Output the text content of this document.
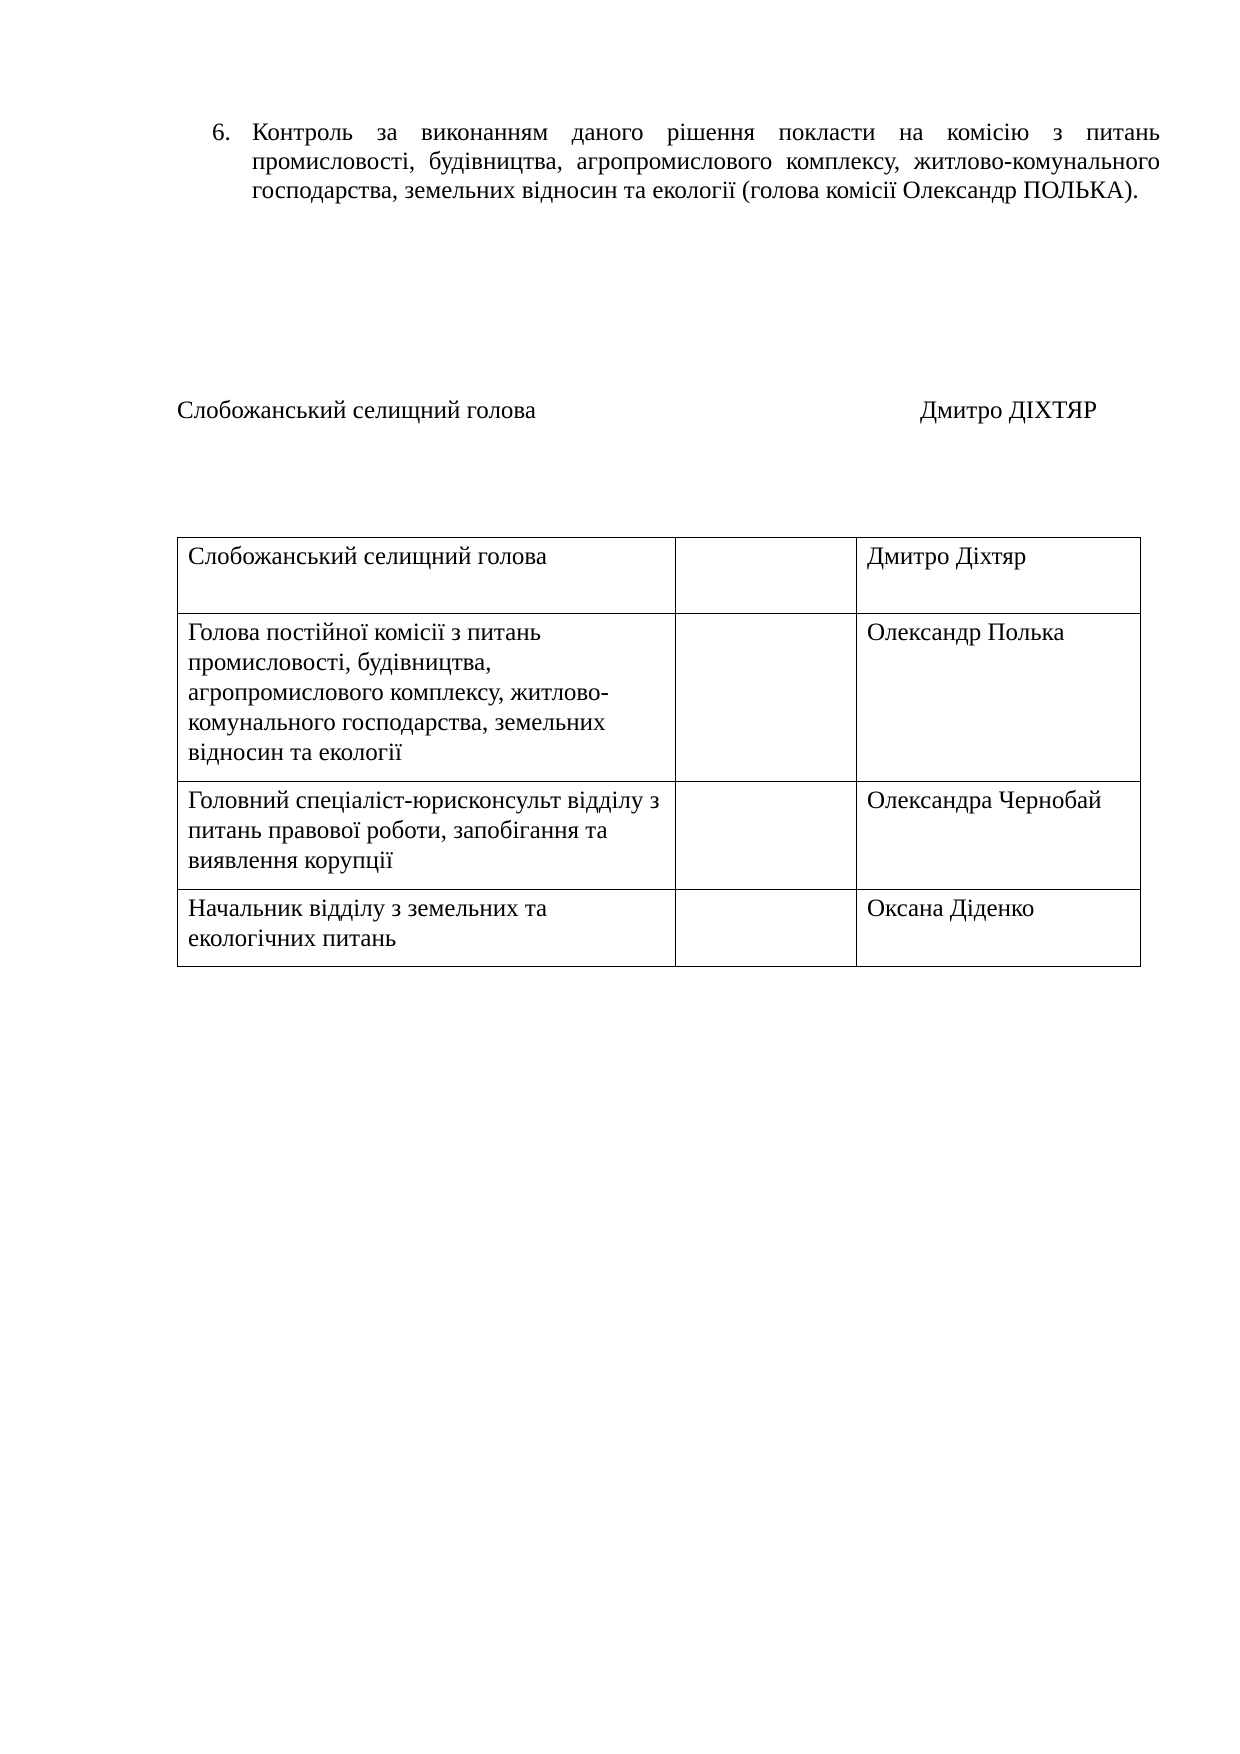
6. Контроль за виконанням даного рішення покласти на комісію з питань промисловості, будівництва, агропромислового комплексу, житлово-комунального господарства, земельних відносин та екології (голова комісії Олександр ПОЛЬКА).
Слобожанський селищний голова	Дмитро ДІХТЯР
Слобожанський селищний голова		Дмитро Діхтяр
Голова постійної комісії з питань промисловості, будівництва, агропромислового комплексу, житлово-комунального господарства, земельних відносин та екології		Олександр Полька
Головний спеціаліст-юрисконсульт відділу з питань правової роботи, запобігання та виявлення корупції		Олександра Чернобай
Начальник відділу з земельних та екологічних питань		Оксана Діденко
